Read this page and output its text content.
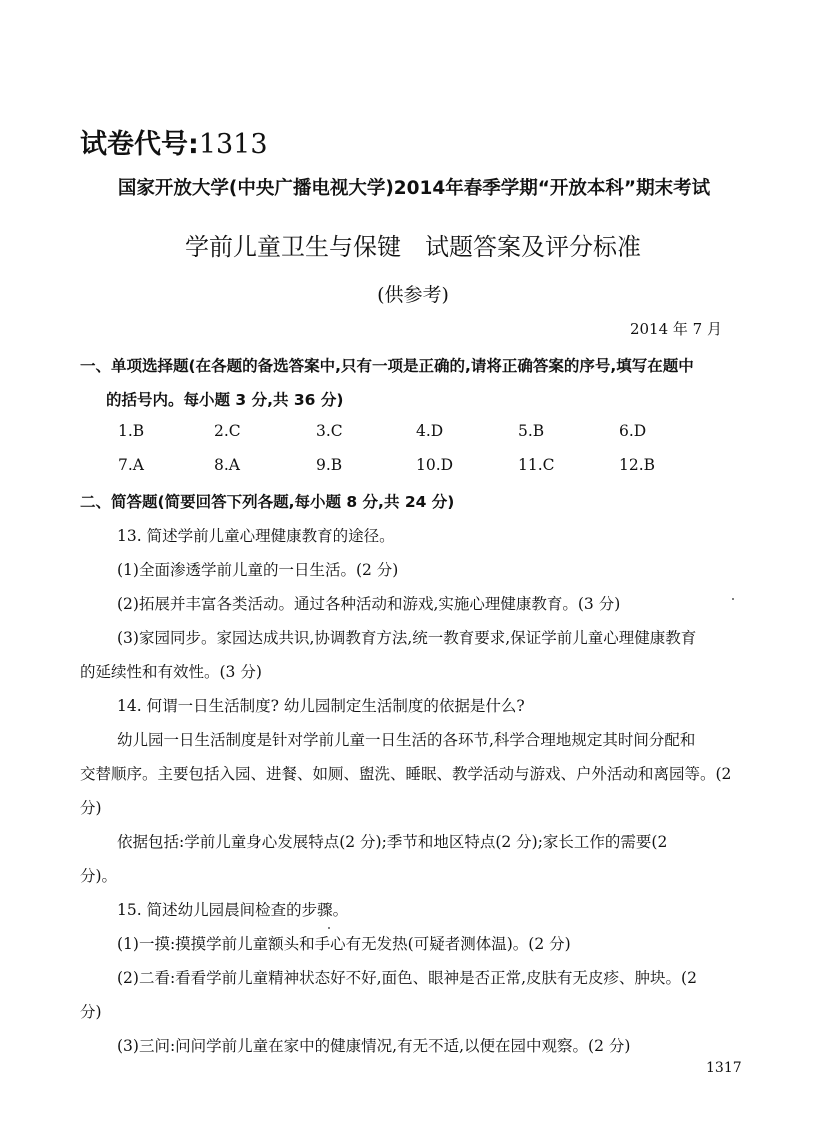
试卷代号:1313
国家开放大学(中央广播电视大学)2014年春季学期“开放本科”期末考试
学前儿童卫生与保键　试题答案及评分标准
(供参考)
2014 年 7 月
一、单项选择题(在各题的备选答案中,只有一项是正确的,请将正确答案的序号,填写在题中
的括号内。每小题 3 分,共 36 分)
1.B	2.C	3.C	4.D	5.B	6.D
7.A	8.A	9.B	10.D	11.C	12.B
二、简答题(简要回答下列各题,每小题 8 分,共 24 分)
13. 简述学前儿童心理健康教育的途径。
(1)全面渗透学前儿童的一日生活。(2 分)
(2)拓展并丰富各类活动。通过各种活动和游戏,实施心理健康教育。(3 分)
(3)家园同步。家园达成共识,协调教育方法,统一教育要求,保证学前儿童心理健康教育
的延续性和有效性。(3 分)
14. 何谓一日生活制度? 幼儿园制定生活制度的依据是什么?
幼儿园一日生活制度是针对学前儿童一日生活的各环节,科学合理地规定其时间分配和
交替顺序。主要包括入园、进餐、如厕、盥洗、睡眠、教学活动与游戏、户外活动和离园等。(2
分)
依据包括:学前儿童身心发展特点(2 分);季节和地区特点(2 分);家长工作的需要(2
分)。
15. 简述幼儿园晨间检查的步骤。
(1)一摸:摸摸学前儿童额头和手心有无发热(可疑者测体温)。(2 分)
(2)二看:看看学前儿童精神状态好不好,面色、眼神是否正常,皮肤有无皮疹、肿块。(2
分)
(3)三问:问问学前儿童在家中的健康情况,有无不适,以便在园中观察。(2 分)
1317
